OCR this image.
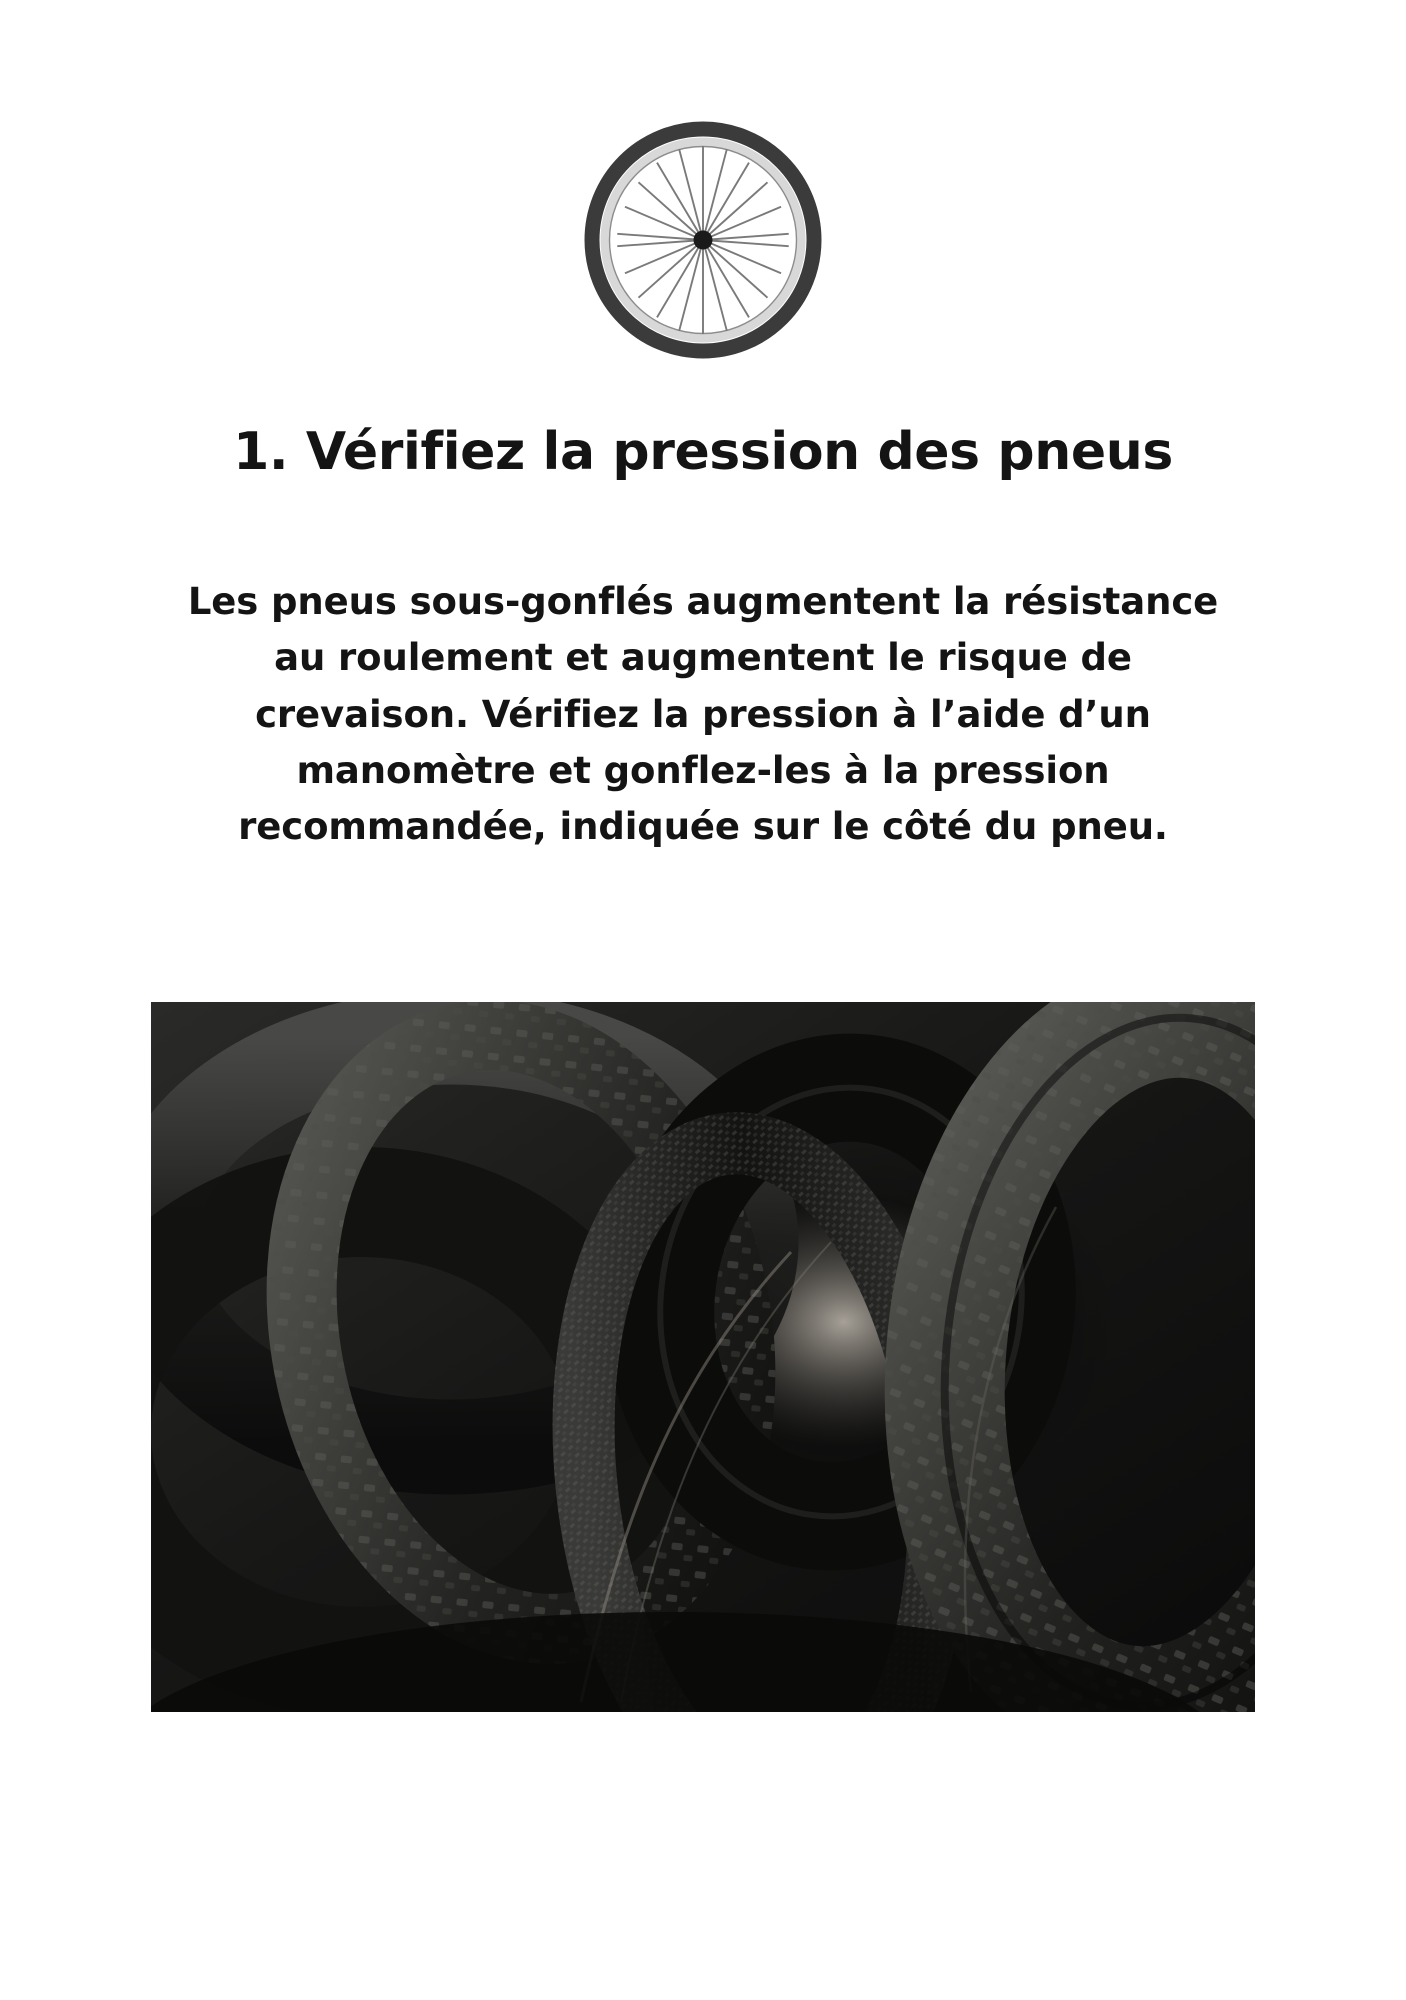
1. Vérifiez la pression des pneus

Les pneus sous-gonflés augmentent la résistance au roulement et augmentent le risque de crevaison. Vérifiez la pression à l’aide d’un manomètre et gonflez-les à la pression recommandée, indiquée sur le côté du pneu.
